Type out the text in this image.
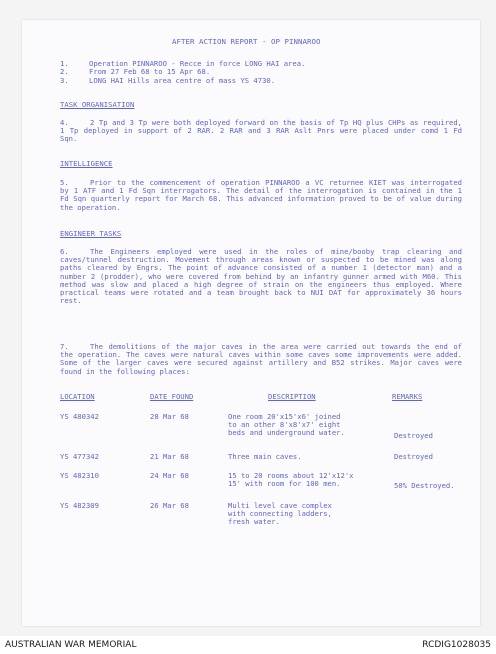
AFTER ACTION REPORT - OP PINNAROO
1.	Operation PINNAROO - Recce in force LONG HAI area.
2.	From 27 Feb 68 to 15 Apr 68.
3.	LONG HAI Hills area centre of mass YS 4730.
TASK ORGANISATION
4.	2 Tp and 3 Tp were both deployed forward on the basis of Tp HQ plus CHPs as required, 1 Tp deployed in support of 2 RAR. 2 RAR and 3 RAR Aslt Pnrs were placed under comd 1 Fd Sqn.
INTELLIGENCE
5.	Prior to the commencement of operation PINNAROO a VC returnee KIET was interrogated by 1 ATF and 1 Fd Sqn interrogators. The detail of the interrogation is contained in the 1 Fd Sqn quarterly report for March 68. This advanced information proved to be of value during the operation.
ENGINEER TASKS
6.	The Engineers employed were used in the roles of mine/booby trap clearing and caves/tunnel destruction. Movement through areas known or suspected to be mined was along paths cleared by Engrs. The point of advance consisted of a number 1 (detector man) and a number 2 (prodder), who were covered from behind by an infantry gunner armed with M60. This method was slow and placed a high degree of strain on the engineers thus employed. Where practical teams were rotated and a team brought back to NUI DAT for approximately 36 hours rest.
7.	The demolitions of the major caves in the area were carried out towards the end of the operation. The caves were natural caves within some caves some improvements were added. Some of the larger caves were secured against artillery and B52 strikes. Major caves were found in the following places:
LOCATION	DATE FOUND	DESCRIPTION	REMARKS
YS 480342	28 Mar 68	One room 20'x15'x6' joined
to an other 8'x8'x7' eight
beds and underground water.	Destroyed
YS 477342	21 Mar 68	Three main caves.	Destroyed
YS 482310	24 Mar 68	15 to 20 rooms about 12'x12'x
15' with room for 100 men.	50% Destroyed.
YS 482309	26 Mar 68	Multi level cave complex
with connecting ladders,
fresh water.
AUSTRALIAN WAR MEMORIAL	RCDIG1028035
